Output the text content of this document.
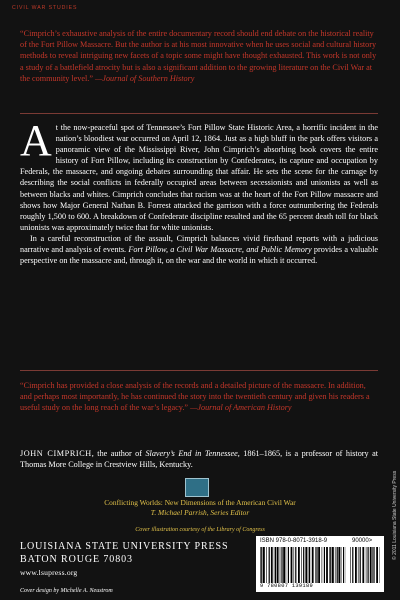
CIVIL WAR STUDIES
“Cimprich’s exhaustive analysis of the entire documentary record should end debate on the historical reality of the Fort Pillow Massacre. But the author is at his most innovative when he uses social and cultural history methods to reveal intriguing new facets of a topic some might have thought exhausted. This work is not only a study of a battlefield atrocity but is also a significant addition to the growing literature on the Civil War at the community level.” —Journal of Southern History

A t the now-peaceful spot of Tennessee’s Fort Pillow State Historic Area, a horrific incident in the nation’s bloodiest war occurred on April 12, 1864. Just as a high bluff in the park offers visitors a panoramic view of the Mississippi River, John Cimprich’s absorbing book covers the entire history of Fort Pillow, including its construction by Confederates, its capture and occupation by Federals, the massacre, and ongoing debates surrounding that affair. He sets the scene for the carnage by describing the social conflicts in federally occupied areas between secessionists and unionists as well as between blacks and whites. Cimprich concludes that racism was at the heart of the Fort Pillow massacre and shows how Major General Nathan B. Forrest attacked the garrison with a force outnumbering the Federals roughly 1,500 to 600. A breakdown of Confederate discipline resulted and the 65 percent death toll for black unionists was approximately twice that for white unionists.

In a careful reconstruction of the assault, Cimprich balances vivid firsthand reports with a judicious narrative and analysis of events. Fort Pillow, a Civil War Massacre, and Public Memory provides a valuable perspective on the massacre and, through it, on the war and the world in which it occurred.

“Cimprich has provided a close analysis of the records and a detailed picture of the massacre. In addition, and perhaps most importantly, he has continued the story into the twentieth century and given his readers a useful study on the long reach of the war’s legacy.” —Journal of American History
JOHN CIMPRICH, the author of Slavery’s End in Tennessee, 1861–1865, is a professor of history at Thomas More College in Crestview Hills, Kentucky.
Conflicting Worlds: New Dimensions of the American Civil War
T. Michael Parrish, Series Editor
Cover illustration courtesy of the Library of Congress
LOUISIANA STATE UNIVERSITY PRESS
BATON ROUGE 70803
www.lsupress.org
Cover design by Michelle A. Neustrom
ISBN 978-0-8071-3918-9	90000>
9 780807 139189
© 2011 Louisiana State University Press
